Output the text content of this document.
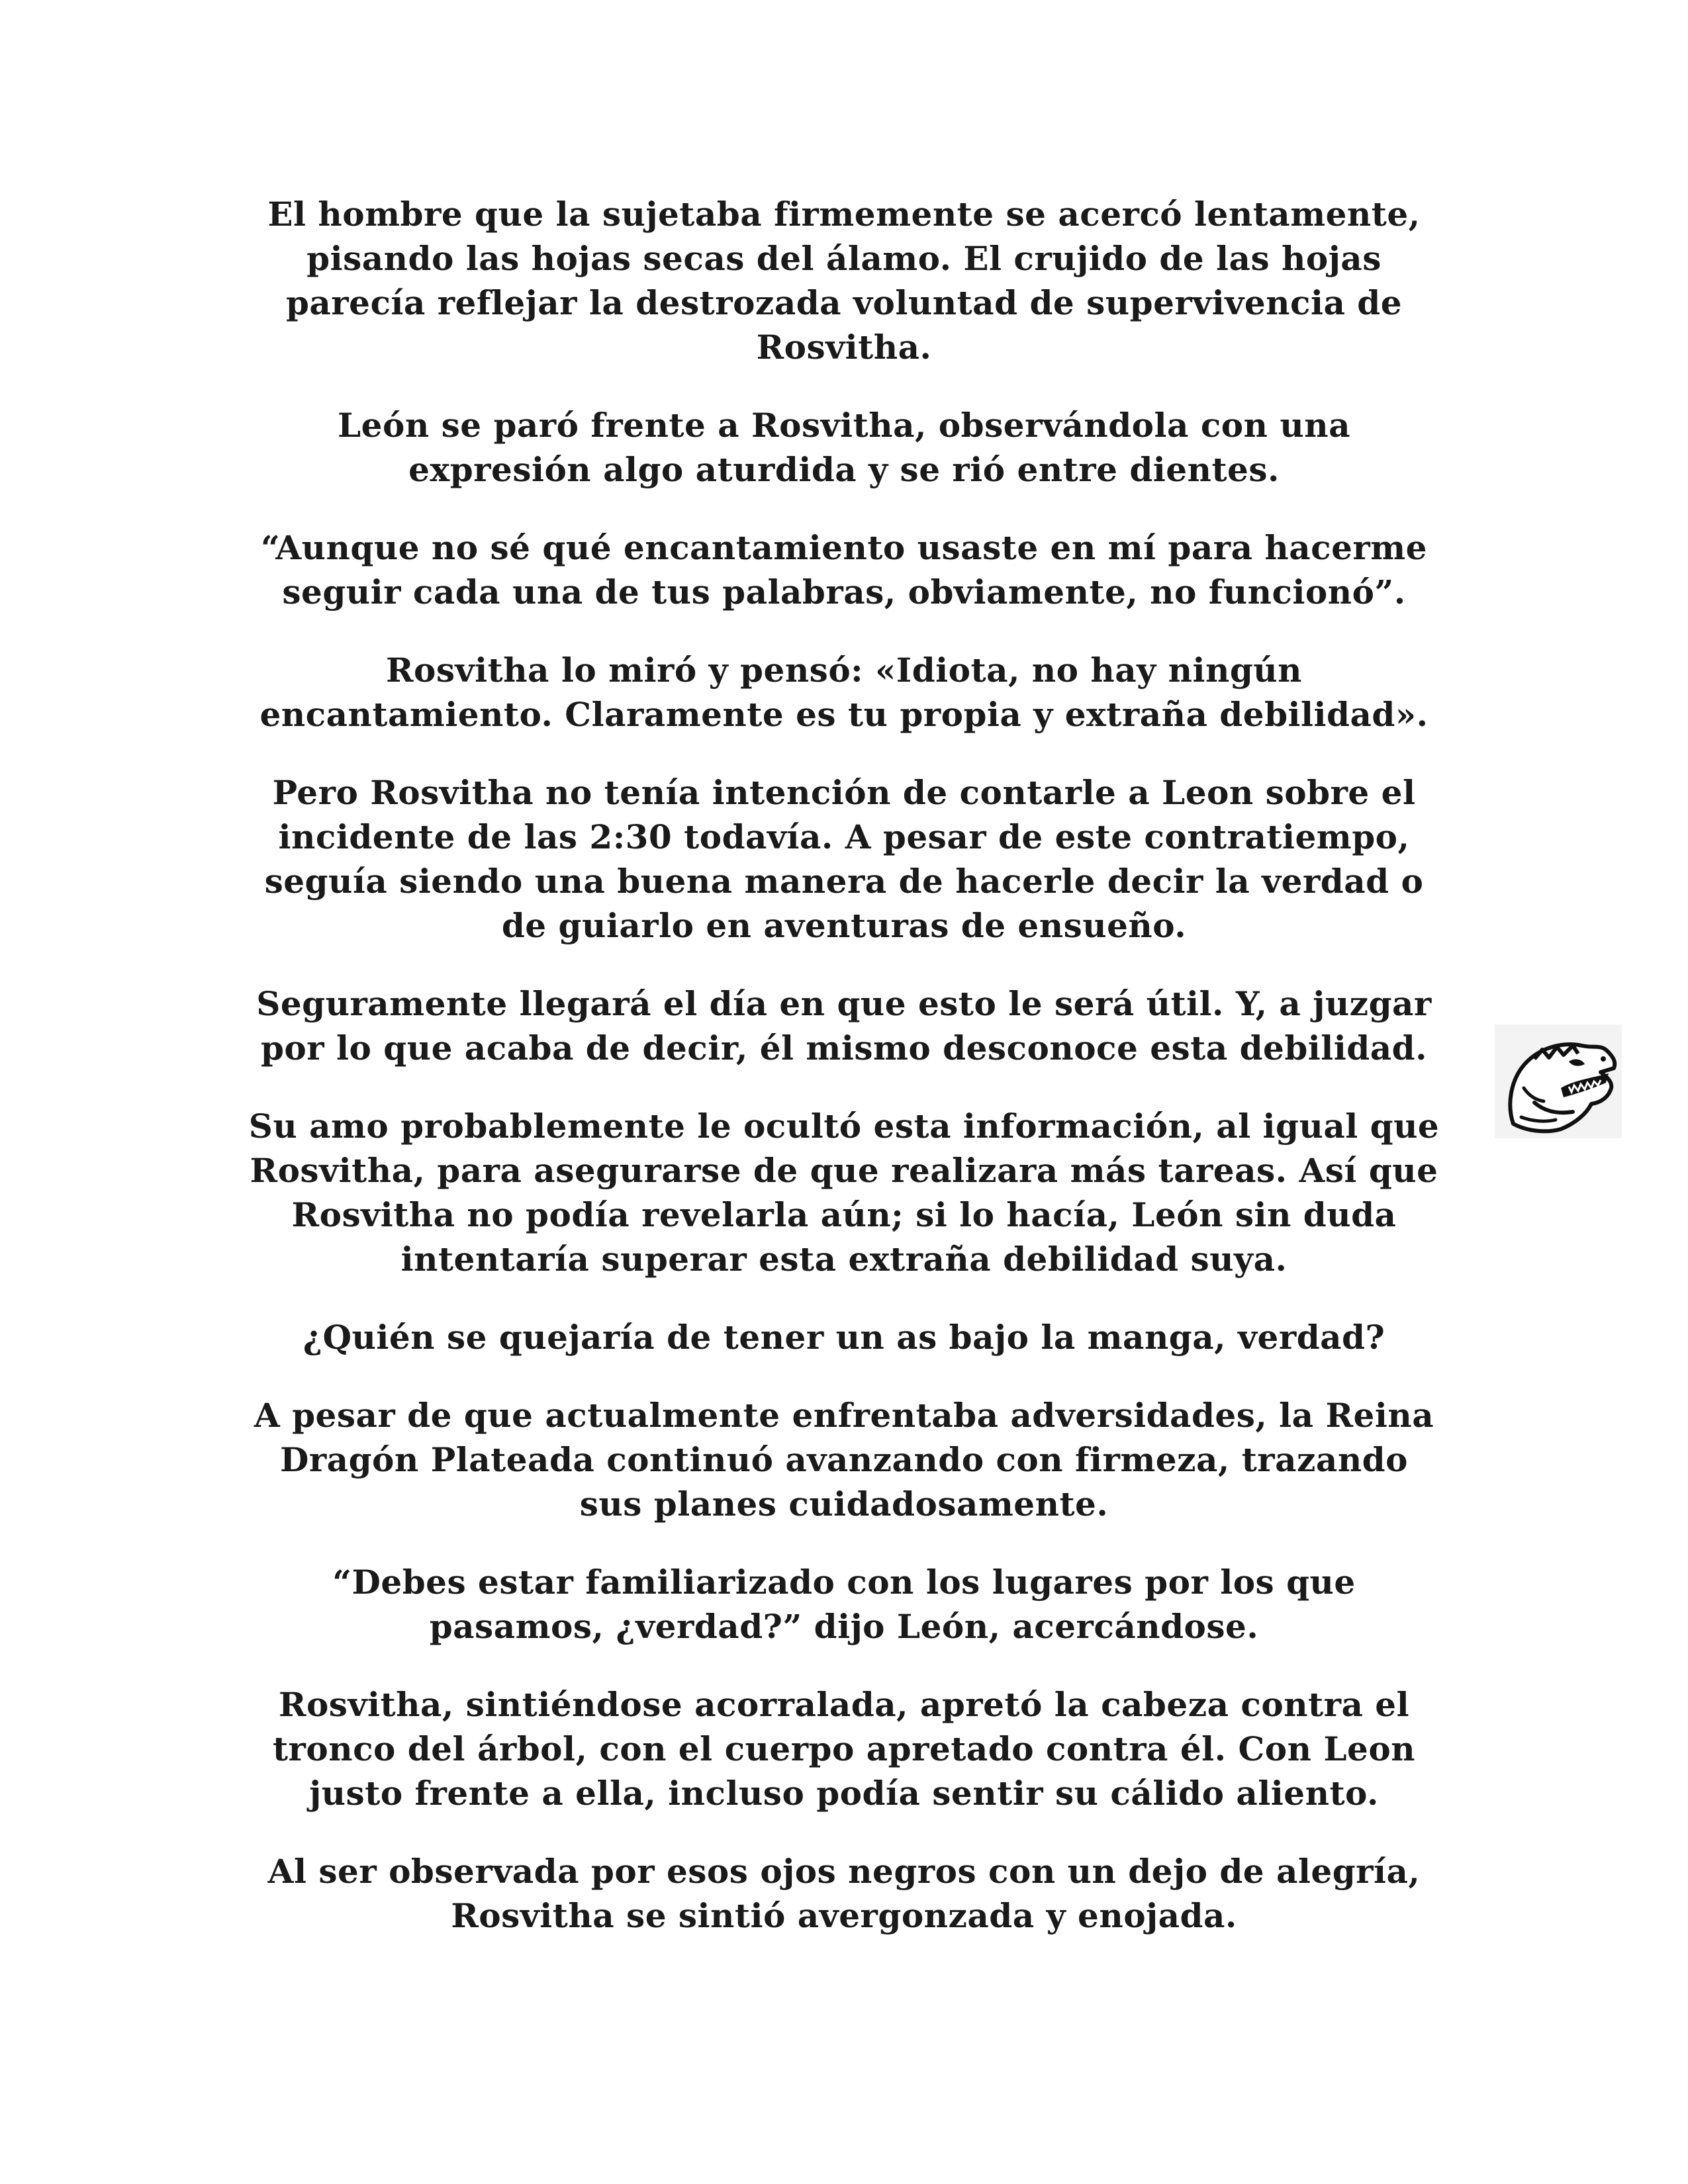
El hombre que la sujetaba firmemente se acercó lentamente,
pisando las hojas secas del álamo. El crujido de las hojas
parecía reflejar la destrozada voluntad de supervivencia de
Rosvitha.

León se paró frente a Rosvitha, observándola con una
expresión algo aturdida y se rió entre dientes.

“Aunque no sé qué encantamiento usaste en mí para hacerme
seguir cada una de tus palabras, obviamente, no funcionó”.

Rosvitha lo miró y pensó: «Idiota, no hay ningún
encantamiento. Claramente es tu propia y extraña debilidad».

Pero Rosvitha no tenía intención de contarle a Leon sobre el
incidente de las 2:30 todavía. A pesar de este contratiempo,
seguía siendo una buena manera de hacerle decir la verdad o
de guiarlo en aventuras de ensueño.

Seguramente llegará el día en que esto le será útil. Y, a juzgar
por lo que acaba de decir, él mismo desconoce esta debilidad.

Su amo probablemente le ocultó esta información, al igual que
Rosvitha, para asegurarse de que realizara más tareas. Así que
Rosvitha no podía revelarla aún; si lo hacía, León sin duda
intentaría superar esta extraña debilidad suya.

¿Quién se quejaría de tener un as bajo la manga, verdad?

A pesar de que actualmente enfrentaba adversidades, la Reina
Dragón Plateada continuó avanzando con firmeza, trazando
sus planes cuidadosamente.

“Debes estar familiarizado con los lugares por los que
pasamos, ¿verdad?” dijo León, acercándose.

Rosvitha, sintiéndose acorralada, apretó la cabeza contra el
tronco del árbol, con el cuerpo apretado contra él. Con Leon
justo frente a ella, incluso podía sentir su cálido aliento.

Al ser observada por esos ojos negros con un dejo de alegría,
Rosvitha se sintió avergonzada y enojada.
